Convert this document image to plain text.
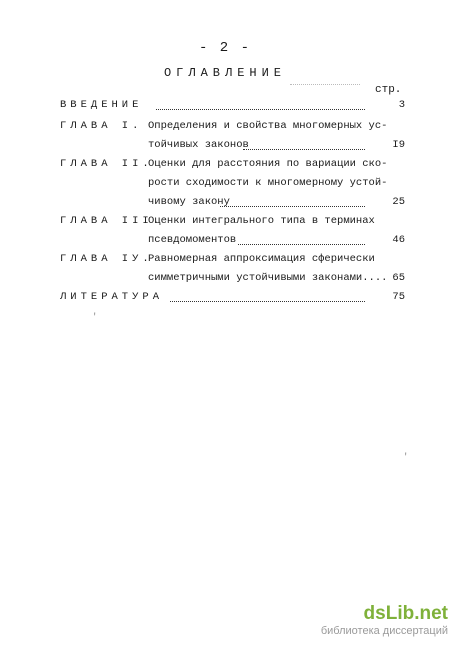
- 2 -
ОГЛАВЛЕНИЕ
стр.
ВВЕДЕНИЕ	3
ГЛАВА I. Определения и свойства многомерных ус-
тойчивых законов	I9
ГЛАВА II.
Оценки для расстояния по вариации ско-
рости сходимости к многомерному устой-
чивому закону	25
ГЛАВА III.
Оценки интегрального типа в терминах
псевдомоментов	46
ГЛАВА IУ.
Равномерная аппроксимация сферически
симметричными устойчивыми законами.... 65
ЛИТЕРАТУРА	75
'
'
dsLib.net
библиотека диссертаций
